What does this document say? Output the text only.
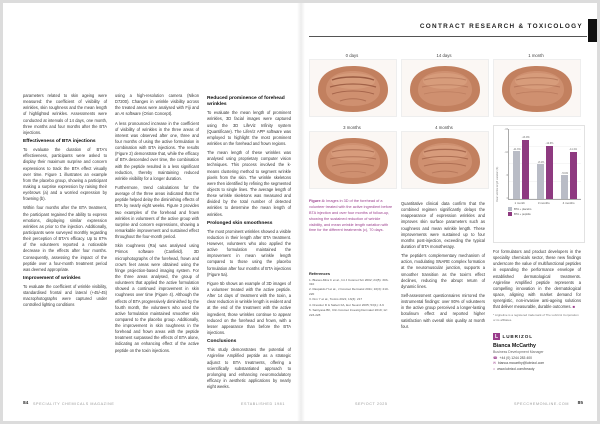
CONTRACT RESEARCH & TOXICOLOGY

parameters related to skin ageing were measured: the coefficient of visibility of wrinkles, skin roughness and the mean length of highlighted wrinkles. Assessments were conducted at intervals of 14 days, one month, three months and four months after the BTA injections.

Effectiveness of BTA injections

To evaluate the duration of BTA's effectiveness, participants were asked to display their maximum surprise and concern expressions to track the BTA effect visually over time. Figure 1 illustrates an example from the placebo group, showing a participant making a surprise expression by raising their eyebrows (a) and a worried expression by frowning (b).

Within four months after the BTA treatment, the participant regained the ability to express emotions, displaying similar expression wrinkles as prior to the injection. Additionally, participants were surveyed monthly regarding their perception of BTA's efficacy. Up to 87% of the volunteers reported a noticeable decrease in the effects after four months. Consequently, assessing the impact of the peptide over a four-month treatment period was deemed appropriate.

Improvement of wrinkles

To evaluate the coefficient of wrinkle visibility, standardised frontal and lateral (+45/-45) macrophotographs were captured under controlled lighting conditions

using a high-resolution camera (Nikon D7200). Changes in wrinkle visibility across the treated areas were analysed with Fiji and an AI software (Orion Concept).

A less pronounced increase in the coefficient of visibility of wrinkles in the three areas of interest was observed after one, three and four months of using the active formulation in combination with BTA injections. The results (Figure 2) demonstrate that, while the efficacy of BTA descended over time, the combination with the peptide resulted in a less significant reduction, thereby maintaining reduced wrinkle visibility for a longer duration.

Furthermore, trend calculations for the average of the three areas indicated that the peptide helped delay the diminishing effects of BTA by nearly eight weeks. Figure 3 provides two examples of the forehead and frown wrinkles in volunteers of the active group with surprise and concern expressions, showing a remarkable improvement and sustained effect throughout the four-month period.

Skin roughness (Ra) was analysed using Primos software (Canfield). 3D microphotographs of the forehead, frown and crow's feet areas were obtained using the fringe projection-based imaging system. For the three areas analysed, the group of volunteers that applied the active formulation showed a continued improvement in skin roughness over time (Figure 4). Although the effects of BTA progressively diminished by the fourth month, the volunteers who used the active formulation maintained smoother skin compared to the placebo group. Additionally, the improvement in skin roughness in the forehead and frown areas with the peptide treatment surpassed the effects of BTA alone, indicating an enhancing effect of the active peptide on the toxin injections.

Reduced prominence of forehead wrinkles

To evaluate the mean length of prominent wrinkles, 3D facial images were captured using the 3D LifeViz Infinity system (Quantificare). The LifeViz APP software was employed to highlight the most prominent wrinkles on the forehead and frown regions.

The mean length of these wrinkles was analysed using proprietary computer vision techniques. This process involved the k-means clustering method to segment wrinkle pixels from the skin. The wrinkle skeletons were then identified by refining the segmented objects to single lines. The average length of these wrinkle skeletons was measured and divided by the total number of detected wrinkles to determine the mean length of wrinkles.

Prolonged skin smoothness

The most prominent wrinkles showed a visible reduction in their length after BTA treatment. However, volunteers who also applied the active formulation maintained the improvement in mean wrinkle length compared to those using the placebo formulation after four months of BTA injections (Figure 5a).

Figure 5b shows an example of 3D images of a volunteer treated with the active peptide. After 14 days of treatment with the toxin, a clear reduction in wrinkle length is evident and at the end of the treatment with the active ingredient, those wrinkles continue to appear reduced on the forehead and frown, with a lesser appearance than before the BTA injections.

Conclusions

This study demonstrates the potential of Argireline Amplified peptide as a strategic adjunct to BTA treatments, offering a scientifically substantiated approach to prolonging and enhancing neuromodulatory efficacy in aesthetic applications by nearly eight weeks.

0 days	14 days	1 month
3 months	4 months
Mean wrinkle length variation (%)
-15
-10
-5
0
-11.3%
-13.9%
-8.2%
-12.6%
-5.6%
-11.1%
1 month	3 months	4 months
BTA + placebo
BTA + peptide

Figure 4: Images in 3D of the forehead of a volunteer treated with the active ingredient before BTA injection and over four months of follow-up, showing the sustained reduction of wrinkle visibility, and mean wrinkle length variation with time for the different treatments (c), 70 days.

References

1. Blanes-Mira C et al., Int J Cosmet Sci 2002; 24(5): 303-310

2. Raspaldo H et al., J Cosmet Dermatol 2011; 10(3): 210-220

3. Kim Y et al., Toxins 2021; 13(3): 217

4. Dressler D & Saberi FA, Eur Neurol 2005; 53(1): 3-9

5. Satriyasa BK, Clin Cosmet Investig Dermatol 2019; 12: 223-228

Quantitative clinical data confirm that the combined regimen significantly delays the reappearance of expression wrinkles and improves skin surface parameters such as roughness and mean wrinkle length. These improvements were sustained up to four months post-injection, exceeding the typical duration of BTA monotherapy.

The peptide's complementary mechanism of action, modulating SNARE complex formation at the neuromuscular junction, supports a smoother transition as the toxin's effect declines, reducing the abrupt return of dynamic lines.

Self-assessment questionnaires mirrored the instrumental findings: over 80% of volunteers in the active group perceived a longer-lasting botulinum effect and reported higher satisfaction with overall skin quality at month four.

For formulators and product developers in the speciality chemicals sector, these new findings underscore the value of multifunctional peptides in expanding the performance envelope of established dermatological treatments. Argireline Amplified peptide represents a compelling innovation in the dermatological space, aligning with market demand for synergistic, non-invasive anti-ageing solutions that deliver measurable, durable outcomes. ■

* Argireline is a registered trademark of The Lubrizol Corporation or its affiliates.

L LUBRIZOL
Bianca McCarthy
Business Development Manager
☎ +44 (0) 1244 283 400
✉ bianca.mccarthy@lubrizol.com
⌂ www.lubrizol.com/beauty
84 SPECIALITY CHEMICALS MAGAZINE	ESTABLISHED 1981	SEP/OCT 2025	SPECCHEMONLINE.COM 85
